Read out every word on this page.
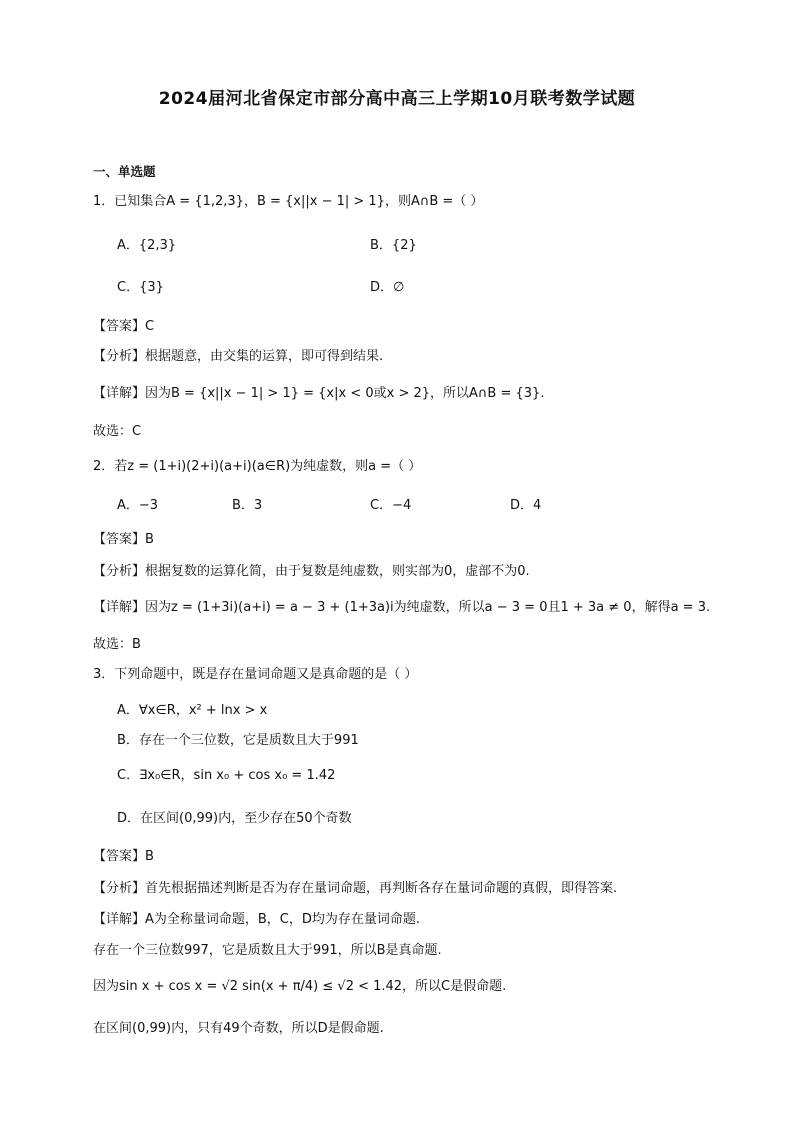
2024届河北省保定市部分高中高三上学期10月联考数学试题
一、单选题
1．已知集合A = {1,2,3}，B = {x||x − 1| > 1}，则A∩B =（ ）
A．{2,3}	B．{2}
C．{3}	D．∅
【答案】C
【分析】根据题意，由交集的运算，即可得到结果.
【详解】因为B = {x||x − 1| > 1} = {x|x < 0或x > 2}，所以A∩B = {3}.
故选：C
2．若z = (1+i)(2+i)(a+i)(a∈R)为纯虚数，则a =（ ）
A．−3	B．3	C．−4	D．4
【答案】B
【分析】根据复数的运算化简，由于复数是纯虚数，则实部为0，虚部不为0.
【详解】因为z = (1+3i)(a+i) = a − 3 + (1+3a)i为纯虚数，所以a − 3 = 0且1 + 3a ≠ 0，解得a = 3.
故选：B
3．下列命题中，既是存在量词命题又是真命题的是（ ）
A．∀x∈R，x² + lnx > x
B．存在一个三位数，它是质数且大于991
C．∃x₀∈R，sin x₀ + cos x₀ = 1.42
D．在区间(0,99)内，至少存在50个奇数
【答案】B
【分析】首先根据描述判断是否为存在量词命题，再判断各存在量词命题的真假，即得答案.
【详解】A为全称量词命题，B，C，D均为存在量词命题.
存在一个三位数997，它是质数且大于991，所以B是真命题.
因为sin x + cos x = √2 sin(x + π/4) ≤ √2 < 1.42，所以C是假命题.
在区间(0,99)内，只有49个奇数，所以D是假命题.
